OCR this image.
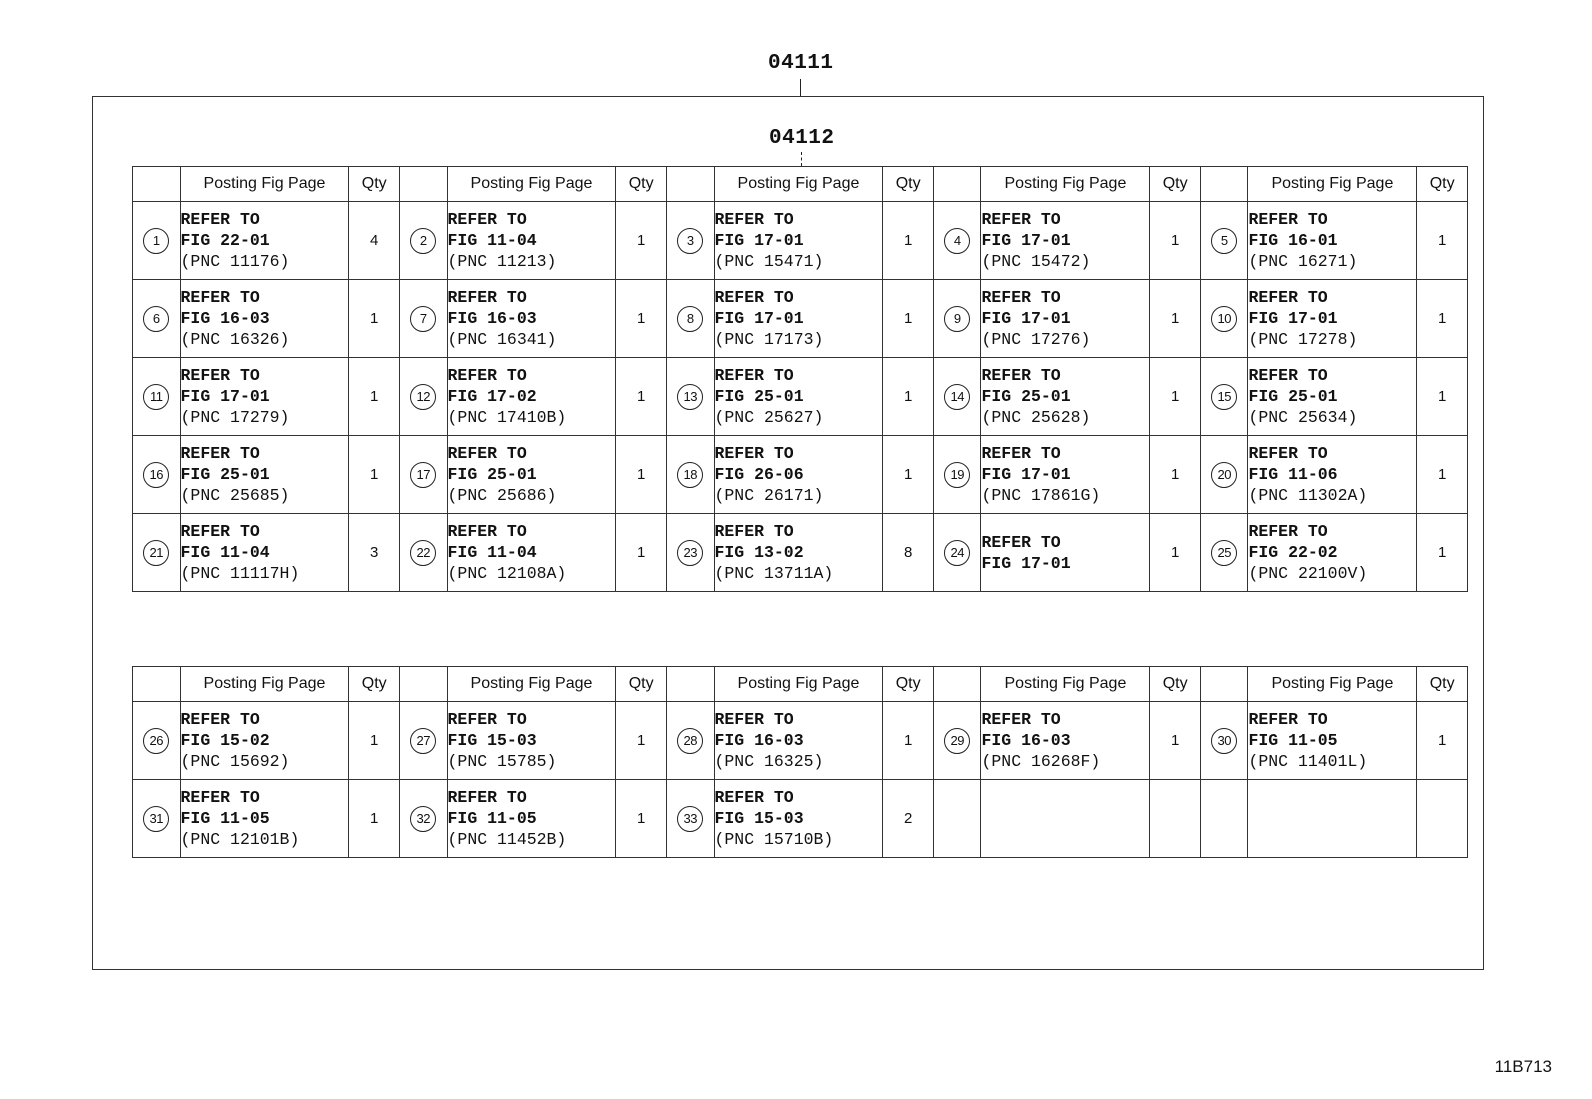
04111
04112
	Posting Fig Page	Qty		Posting Fig Page	Qty		Posting Fig Page	Qty		Posting Fig Page	Qty		Posting Fig Page	Qty
1	REFER TO
FIG 22-01
(PNC 11176)	4	2	REFER TO
FIG 11-04
(PNC 11213)	1	3	REFER TO
FIG 17-01
(PNC 15471)	1	4	REFER TO
FIG 17-01
(PNC 15472)	1	5	REFER TO
FIG 16-01
(PNC 16271)	1
6	REFER TO
FIG 16-03
(PNC 16326)	1	7	REFER TO
FIG 16-03
(PNC 16341)	1	8	REFER TO
FIG 17-01
(PNC 17173)	1	9	REFER TO
FIG 17-01
(PNC 17276)	1	10	REFER TO
FIG 17-01
(PNC 17278)	1
11	REFER TO
FIG 17-01
(PNC 17279)	1	12	REFER TO
FIG 17-02
(PNC 17410B)	1	13	REFER TO
FIG 25-01
(PNC 25627)	1	14	REFER TO
FIG 25-01
(PNC 25628)	1	15	REFER TO
FIG 25-01
(PNC 25634)	1
16	REFER TO
FIG 25-01
(PNC 25685)	1	17	REFER TO
FIG 25-01
(PNC 25686)	1	18	REFER TO
FIG 26-06
(PNC 26171)	1	19	REFER TO
FIG 17-01
(PNC 17861G)	1	20	REFER TO
FIG 11-06
(PNC 11302A)	1
21	REFER TO
FIG 11-04
(PNC 11117H)	3	22	REFER TO
FIG 11-04
(PNC 12108A)	1	23	REFER TO
FIG 13-02
(PNC 13711A)	8	24	REFER TO
FIG 17-01	1	25	REFER TO
FIG 22-02
(PNC 22100V)	1
	Posting Fig Page	Qty		Posting Fig Page	Qty		Posting Fig Page	Qty		Posting Fig Page	Qty		Posting Fig Page	Qty
26	REFER TO
FIG 15-02
(PNC 15692)	1	27	REFER TO
FIG 15-03
(PNC 15785)	1	28	REFER TO
FIG 16-03
(PNC 16325)	1	29	REFER TO
FIG 16-03
(PNC 16268F)	1	30	REFER TO
FIG 11-05
(PNC 11401L)	1
31	REFER TO
FIG 11-05
(PNC 12101B)	1	32	REFER TO
FIG 11-05
(PNC 11452B)	1	33	REFER TO
FIG 15-03
(PNC 15710B)	2						
11B713
